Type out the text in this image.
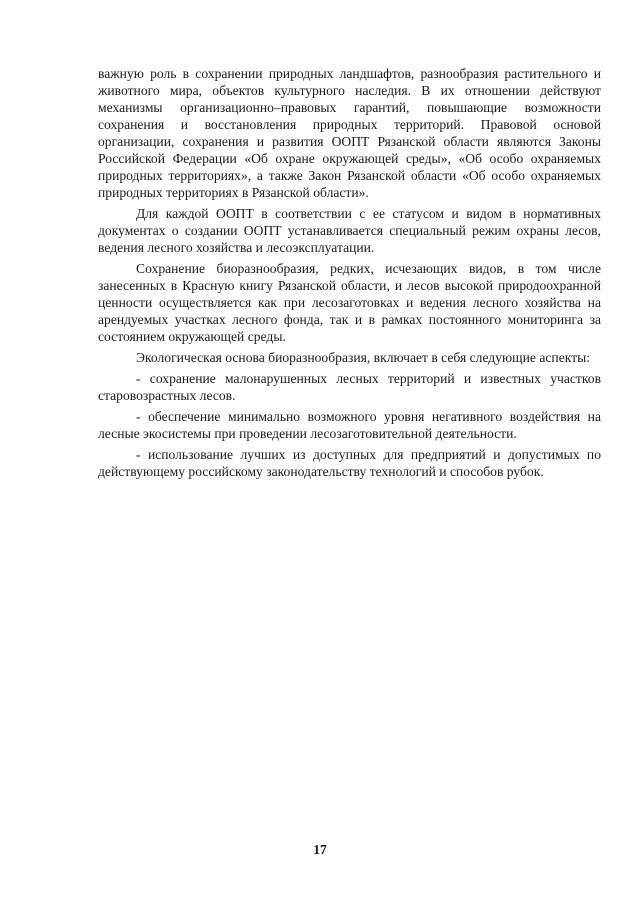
важную роль в сохранении природных ландшафтов, разнообразия растительного и животного мира, объектов культурного наследия. В их отношении действуют механизмы организационно–правовых гарантий, повышающие возможности сохранения и восстановления природных территорий. Правовой основой организации, сохранения и развития ООПТ Рязанской области являются Законы Российской Федерации «Об охране окружающей среды», «Об особо охраняемых природных территориях», а также Закон Рязанской области «Об особо охраняемых природных территориях в Рязанской области».

Для каждой ООПТ в соответствии с ее статусом и видом в нормативных документах о создании ООПТ устанавливается специальный режим охраны лесов, ведения лесного хозяйства и лесоэксплуатации.

Сохранение биоразнообразия, редких, исчезающих видов, в том числе занесенных в Красную книгу Рязанской области, и лесов высокой природоохранной ценности осуществляется как при лесозаготовках и ведения лесного хозяйства на арендуемых участках лесного фонда, так и в рамках постоянного мониторинга за состоянием окружающей среды.

Экологическая основа биоразнообразия, включает в себя следующие аспекты:

- сохранение малонарушенных лесных территорий и известных участков старовозрастных лесов.

- обеспечение минимально возможного уровня негативного воздействия на лесные экосистемы при проведении лесозаготовительной деятельности.

- использование лучших из доступных для предприятий и допустимых по действующему российскому законодательству технологий и способов рубок.

17
